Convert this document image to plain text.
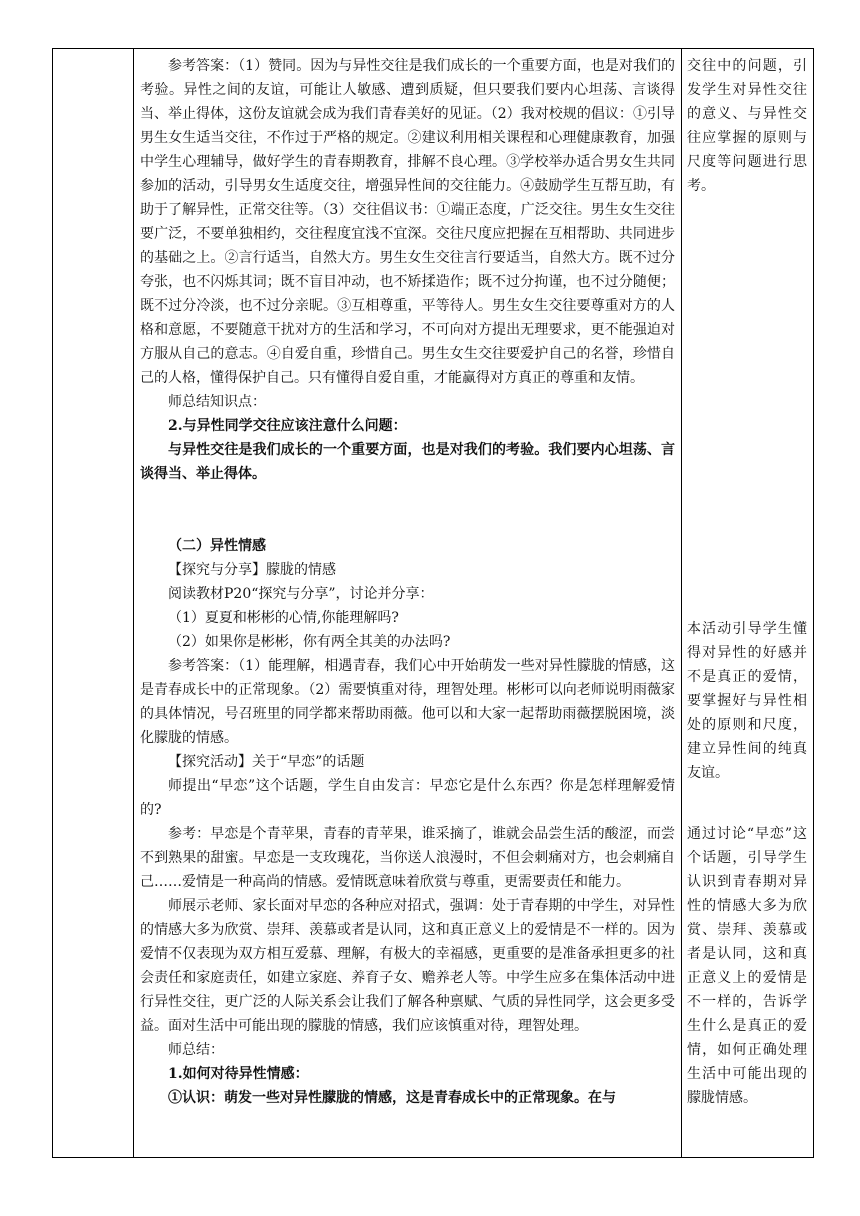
参考答案：（1）赞同。因为与异性交往是我们成长的一个重要方面，也是对我们的考验。异性之间的友谊，可能让人敏感、遭到质疑，但只要我们要内心坦荡、言谈得当、举止得体，这份友谊就会成为我们青春美好的见证。（2）我对校规的倡议：①引导男生女生适当交往，不作过于严格的规定。②建议利用相关课程和心理健康教育，加强中学生心理辅导，做好学生的青春期教育，排解不良心理。③学校举办适合男女生共同参加的活动，引导男女生适度交往，增强异性间的交往能力。④鼓励学生互帮互助，有助于了解异性，正常交往等。（3）交往倡议书：①端正态度，广泛交往。男生女生交往要广泛，不要单独相约，交往程度宜浅不宜深。交往尺度应把握在互相帮助、共同进步的基础之上。②言行适当，自然大方。男生女生交往言行要适当，自然大方。既不过分夸张，也不闪烁其词；既不盲目冲动，也不矫揉造作；既不过分拘谨，也不过分随便；既不过分冷淡，也不过分亲昵。③互相尊重，平等待人。男生女生交往要尊重对方的人格和意愿，不要随意干扰对方的生活和学习，不可向对方提出无理要求，更不能强迫对方服从自己的意志。④自爱自重，珍惜自己。男生女生交往要爱护自己的名誉，珍惜自己的人格，懂得保护自己。只有懂得自爱自重，才能赢得对方真正的尊重和友情。

师总结知识点：

2.与异性同学交往应该注意什么问题：

与异性交往是我们成长的一个重要方面，也是对我们的考验。我们要内心坦荡、言谈得当、举止得体。

（二）异性情感

【探究与分享】朦胧的情感

阅读教材P20“探究与分享”，讨论并分享：

（1）夏夏和彬彬的心情,你能理解吗?

（2）如果你是彬彬，你有两全其美的办法吗?

参考答案：（1）能理解，相遇青春，我们心中开始萌发一些对异性朦胧的情感，这是青春成长中的正常现象。（2）需要慎重对待，理智处理。彬彬可以向老师说明雨薇家的具体情况，号召班里的同学都来帮助雨薇。他可以和大家一起帮助雨薇摆脱困境，淡化朦胧的情感。

【探究活动】关于“早恋”的话题

师提出“早恋”这个话题，学生自由发言：早恋它是什么东西？你是怎样理解爱情的?

参考：早恋是个青苹果，青春的青苹果，谁采摘了，谁就会品尝生活的酸涩，而尝不到熟果的甜蜜。早恋是一支玫瑰花，当你送人浪漫时，不但会刺痛对方，也会刺痛自己……爱情是一种高尚的情感。爱情既意味着欣赏与尊重，更需要责任和能力。

师展示老师、家长面对早恋的各种应对招式，强调：处于青春期的中学生，对异性的情感大多为欣赏、崇拜、羡慕或者是认同，这和真正意义上的爱情是不一样的。因为爱情不仅表现为双方相互爱慕、理解，有极大的幸福感，更重要的是准备承担更多的社会责任和家庭责任，如建立家庭、养育子女、赡养老人等。中学生应多在集体活动中进行异性交往，更广泛的人际关系会让我们了解各种禀赋、气质的异性同学，这会更多受益。面对生活中可能出现的朦胧的情感，我们应该慎重对待，理智处理。

师总结：

1.如何对待异性情感：

①认识：萌发一些对异性朦胧的情感，这是青春成长中的正常现象。在与

交往中的问题，引发学生对异性交往的意义、与异性交往应掌握的原则与尺度等问题进行思考。

本活动引导学生懂得对异性的好感并不是真正的爱情，要掌握好与异性相处的原则和尺度，建立异性间的纯真友谊。

通过讨论“早恋”这个话题，引导学生认识到青春期对异性的情感大多为欣赏、崇拜、羡慕或者是认同，这和真正意义上的爱情是不一样的，告诉学生什么是真正的爱情，如何正确处理生活中可能出现的朦胧情感。
